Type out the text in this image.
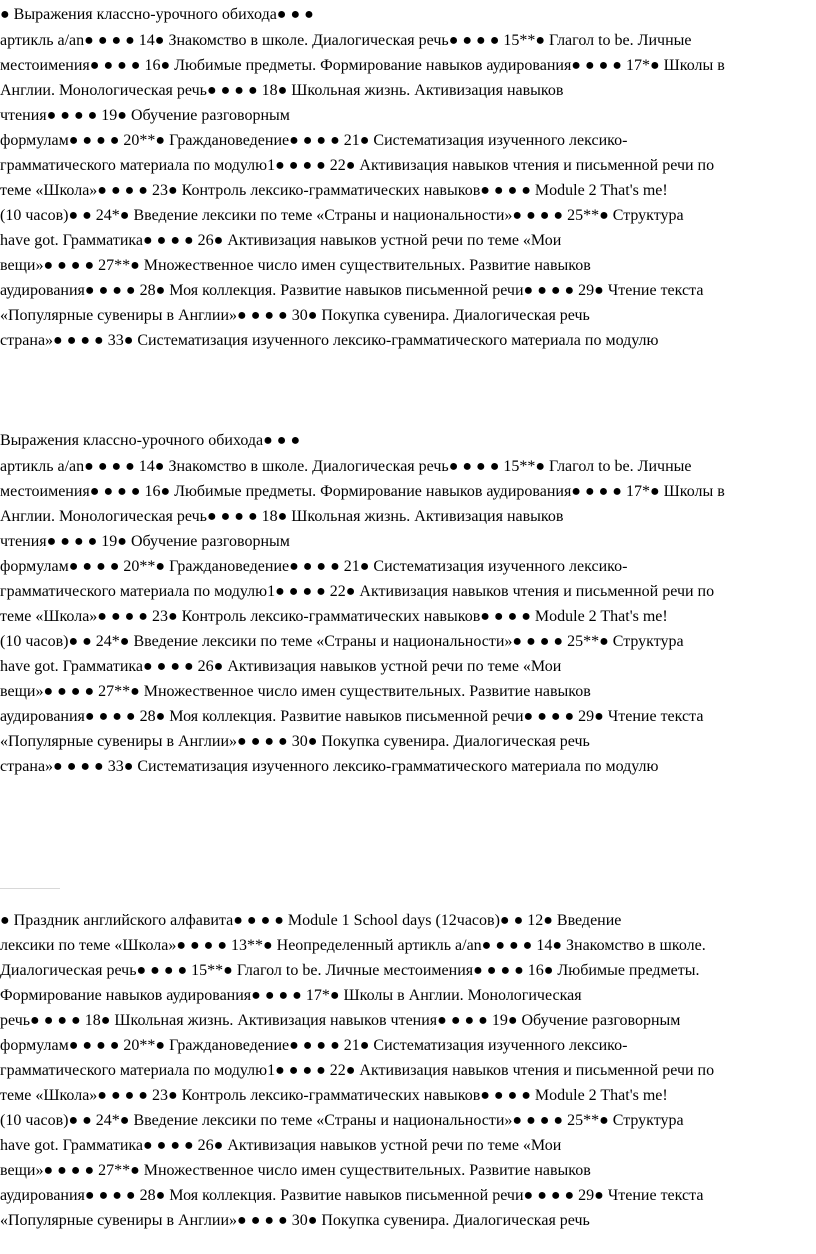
● Выражения классно-урочного обихода● ● ●
артикль a/an● ● ● ● 14● Знакомство в школе. Диалогическая речь● ● ● ● 15**● Глагол to be. Личные
местоимения● ● ● ● 16● Любимые предметы. Формирование навыков аудирования● ● ● ● 17*● Школы в
Англии. Монологическая речь● ● ● ● 18● Школьная жизнь. Активизация навыков
чтения● ● ● ● 19● Обучение разговорным
формулам● ● ● ● 20**● Граждановедение● ● ● ● 21● Систематизация изученного лексико-
грамматического материала по модулю1● ● ● ● 22● Активизация навыков чтения и письменной речи по
теме «Школа»● ● ● ● 23● Контроль лексико-грамматических навыков● ● ● ● Module 2 That's me!
(10 часов)● ● 24*● Введение лексики по теме «Страны и национальности»● ● ● ● 25**● Структура
have got. Грамматика● ● ● ● 26● Активизация навыков устной речи по теме «Мои
вещи»● ● ● ● 27**● Множественное число имен существительных. Развитие навыков
аудирования● ● ● ● 28● Моя коллекция. Развитие навыков письменной речи● ● ● ● 29● Чтение текста
«Популярные сувениры в Англии»● ● ● ● 30● Покупка сувенира. Диалогическая речь
страна»● ● ● ● 33● Систематизация изученного лексико-грамматического материала по модулю
Выражения классно-урочного обихода● ● ●
артикль a/an● ● ● ● 14● Знакомство в школе. Диалогическая речь● ● ● ● 15**● Глагол to be. Личные
местоимения● ● ● ● 16● Любимые предметы. Формирование навыков аудирования● ● ● ● 17*● Школы в
Англии. Монологическая речь● ● ● ● 18● Школьная жизнь. Активизация навыков
чтения● ● ● ● 19● Обучение разговорным
формулам● ● ● ● 20**● Граждановедение● ● ● ● 21● Систематизация изученного лексико-
грамматического материала по модулю1● ● ● ● 22● Активизация навыков чтения и письменной речи по
теме «Школа»● ● ● ● 23● Контроль лексико-грамматических навыков● ● ● ● Module 2 That's me!
(10 часов)● ● 24*● Введение лексики по теме «Страны и национальности»● ● ● ● 25**● Структура
have got. Грамматика● ● ● ● 26● Активизация навыков устной речи по теме «Мои
вещи»● ● ● ● 27**● Множественное число имен существительных. Развитие навыков
аудирования● ● ● ● 28● Моя коллекция. Развитие навыков письменной речи● ● ● ● 29● Чтение текста
«Популярные сувениры в Англии»● ● ● ● 30● Покупка сувенира. Диалогическая речь
страна»● ● ● ● 33● Систематизация изученного лексико-грамматического материала по модулю
● Праздник английского алфавита● ● ● ● Module 1 School days (12часов)● ● 12● Введение
лексики по теме «Школа»● ● ● ● 13**● Неопределенный артикль a/an● ● ● ● 14● Знакомство в школе.
Диалогическая речь● ● ● ● 15**● Глагол to be. Личные местоимения● ● ● ● 16● Любимые предметы.
Формирование навыков аудирования● ● ● ● 17*● Школы в Англии. Монологическая
речь● ● ● ● 18● Школьная жизнь. Активизация навыков чтения● ● ● ● 19● Обучение разговорным
формулам● ● ● ● 20**● Граждановедение● ● ● ● 21● Систематизация изученного лексико-
грамматического материала по модулю1● ● ● ● 22● Активизация навыков чтения и письменной речи по
теме «Школа»● ● ● ● 23● Контроль лексико-грамматических навыков● ● ● ● Module 2 That's me!
(10 часов)● ● 24*● Введение лексики по теме «Страны и национальности»● ● ● ● 25**● Структура
have got. Грамматика● ● ● ● 26● Активизация навыков устной речи по теме «Мои
вещи»● ● ● ● 27**● Множественное число имен существительных. Развитие навыков
аудирования● ● ● ● 28● Моя коллекция. Развитие навыков письменной речи● ● ● ● 29● Чтение текста
«Популярные сувениры в Англии»● ● ● ● 30● Покупка сувенира. Диалогическая речь
